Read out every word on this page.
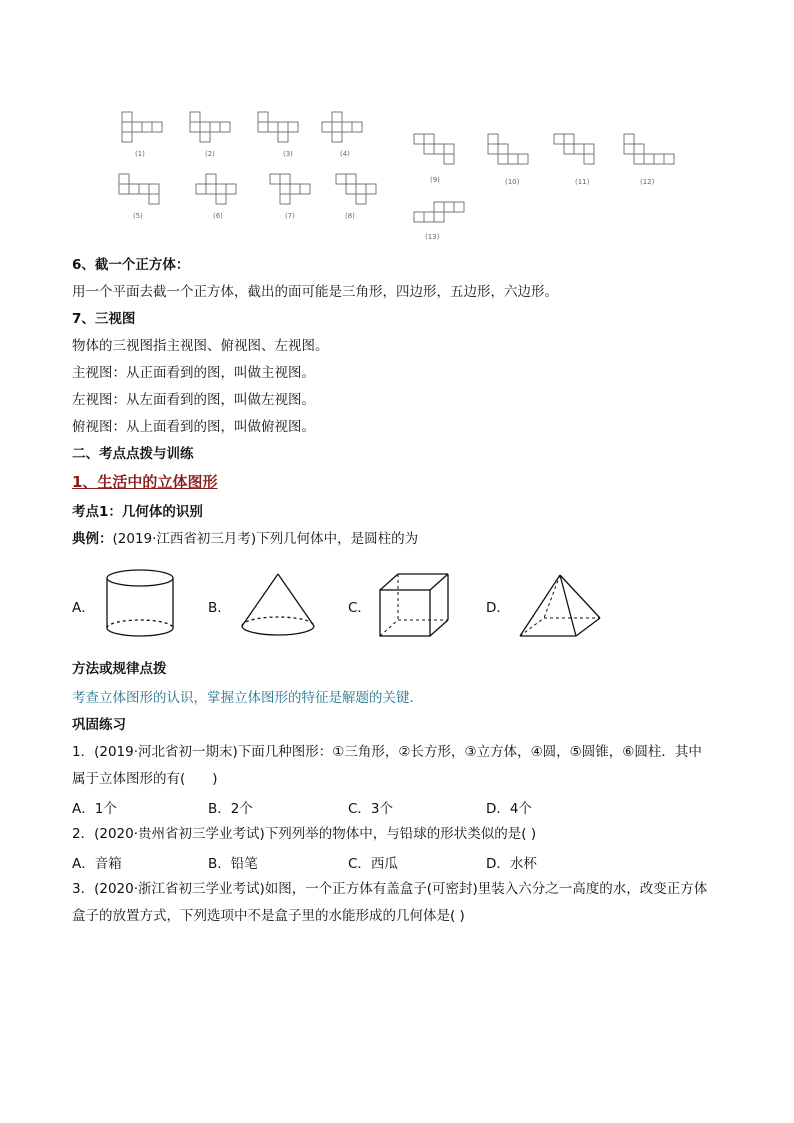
(1)	(2)	(3)	(4)
(5)	(6)	(7)	(8)
(9)	(10)	(11)	(12)
(13)
6、截一个正方体：
用一个平面去截一个正方体，截出的面可能是三角形，四边形，五边形，六边形。
7、三视图
物体的三视图指主视图、俯视图、左视图。
主视图：从正面看到的图，叫做主视图。
左视图：从左面看到的图，叫做左视图。
俯视图：从上面看到的图，叫做俯视图。
二、考点点拨与训练
1、生活中的立体图形
考点1：几何体的识别
典例：(2019·江西省初三月考)下列几何体中，是圆柱的为
A．	B．	C．	D．
方法或规律点拨
考查立体图形的认识，掌握立体图形的特征是解题的关键.
巩固练习
1．(2019·河北省初一期末)下面几种图形：①三角形，②长方形，③立方体，④圆，⑤圆锥，⑥圆柱．其中
属于立体图形的有(　　)
A．1个	B．2个	C．3个	D．4个
2．(2020·贵州省初三学业考试)下列列举的物体中，与铅球的形状类似的是( )
A．音箱	B．铅笔	C．西瓜	D．水杯
3．(2020·浙江省初三学业考试)如图，一个正方体有盖盒子(可密封)里装入六分之一高度的水，改变正方体
盒子的放置方式，下列选项中不是盒子里的水能形成的几何体是( )
